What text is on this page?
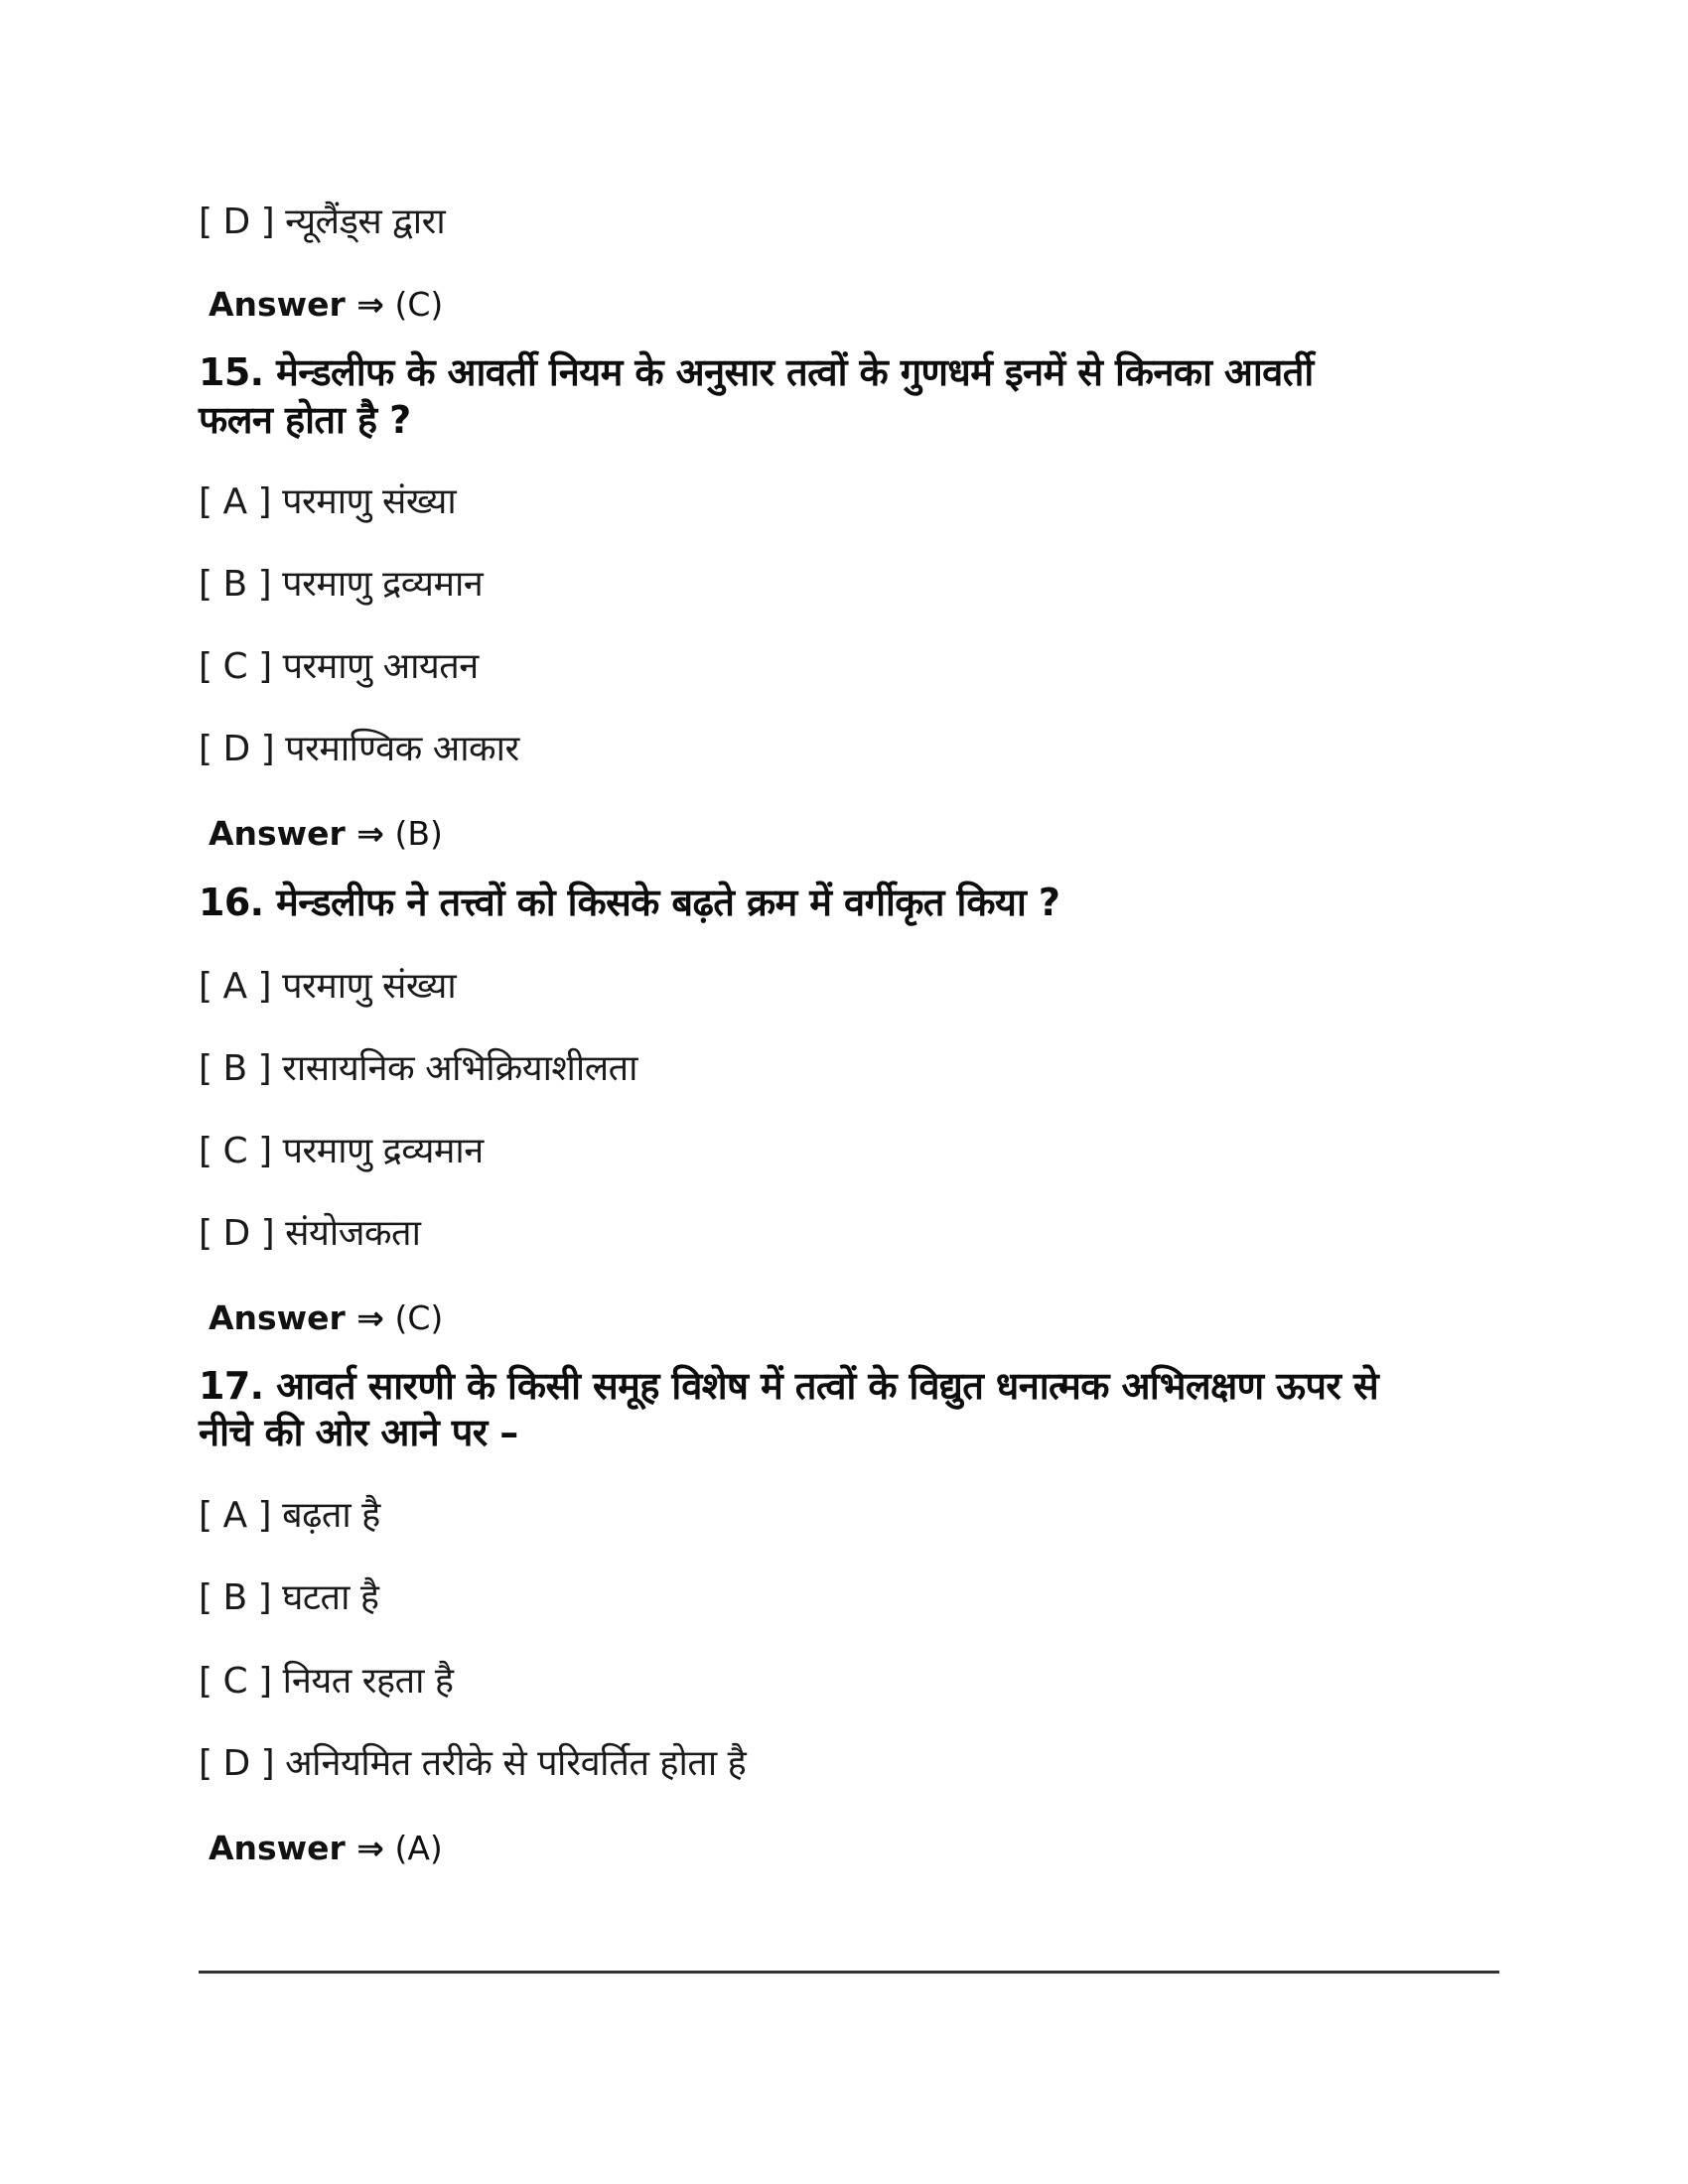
[ D ] न्यूलैंड्स द्वारा
Answer ⇒ (C)
15. मेन्डलीफ के आवर्ती नियम के अनुसार तत्वों के गुणधर्म इनमें से किनका आवर्ती
फलन होता है ?
[ A ] परमाणु संख्या
[ B ] परमाणु द्रव्यमान
[ C ] परमाणु आयतन
[ D ] परमाण्विक आकार
Answer ⇒ (B)
16. मेन्डलीफ ने तत्त्वों को किसके बढ़ते क्रम में वर्गीकृत किया ?
[ A ] परमाणु संख्या
[ B ] रासायनिक अभिक्रियाशीलता
[ C ] परमाणु द्रव्यमान
[ D ] संयोजकता
Answer ⇒ (C)
17. आवर्त सारणी के किसी समूह विशेष में तत्वों के विद्युत धनात्मक अभिलक्षण ऊपर से
नीचे की ओर आने पर –
[ A ] बढ़ता है
[ B ] घटता है
[ C ] नियत रहता है
[ D ] अनियमित तरीके से परिवर्तित होता है
Answer ⇒ (A)
